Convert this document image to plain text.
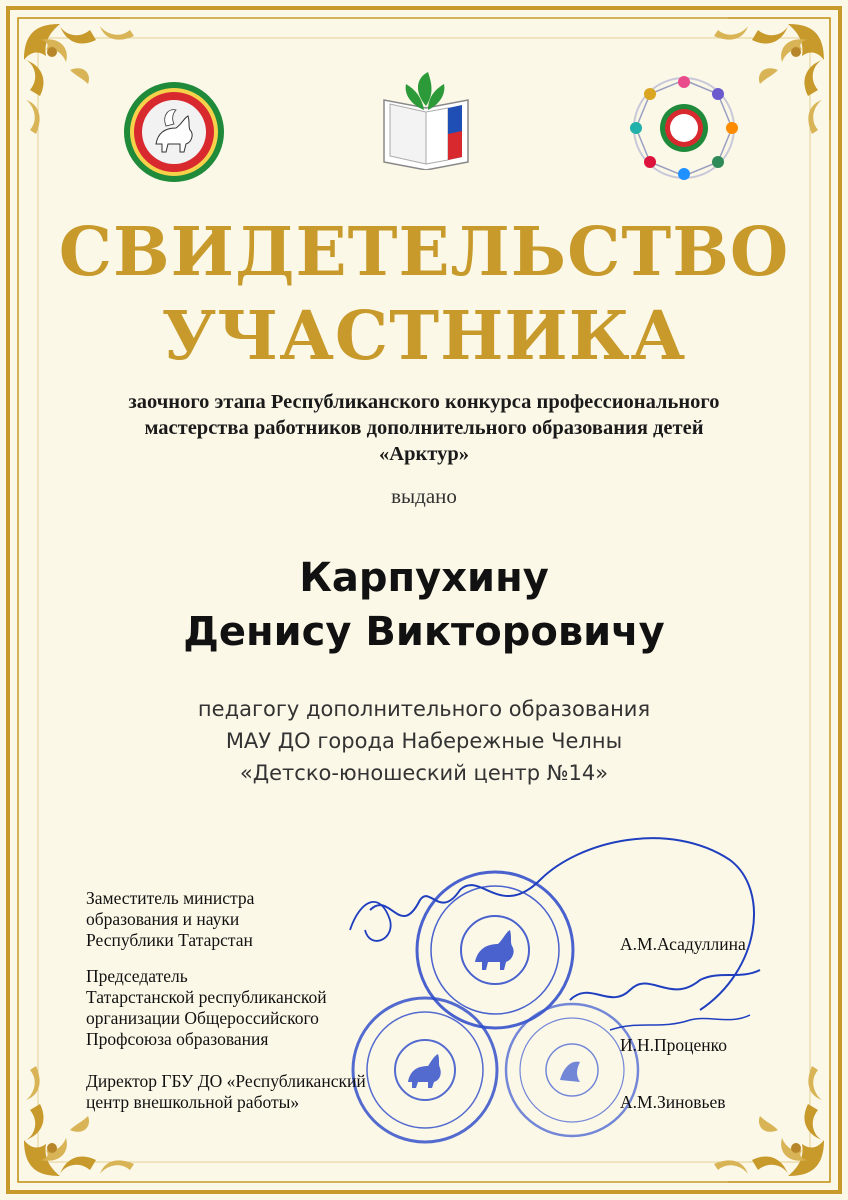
СВИДЕТЕЛЬСТВО
УЧАСТНИКА
заочного этапа Республиканского конкурса профессионального
мастерства работников дополнительного образования детей
«Арктур»
выдано
Карпухину
Денису Викторовичу
педагогу дополнительного образования
МАУ ДО города Набережные Челны
«Детско-юношеский центр №14»
Заместитель министра
образования и науки
Республики Татарстан	А.М.Асадуллина
Председатель
Татарстанской республиканской
организации Общероссийского
Профсоюза образования	И.Н.Проценко
Директор ГБУ ДО «Республиканский
центр внешкольной работы»	А.М.Зиновьев
